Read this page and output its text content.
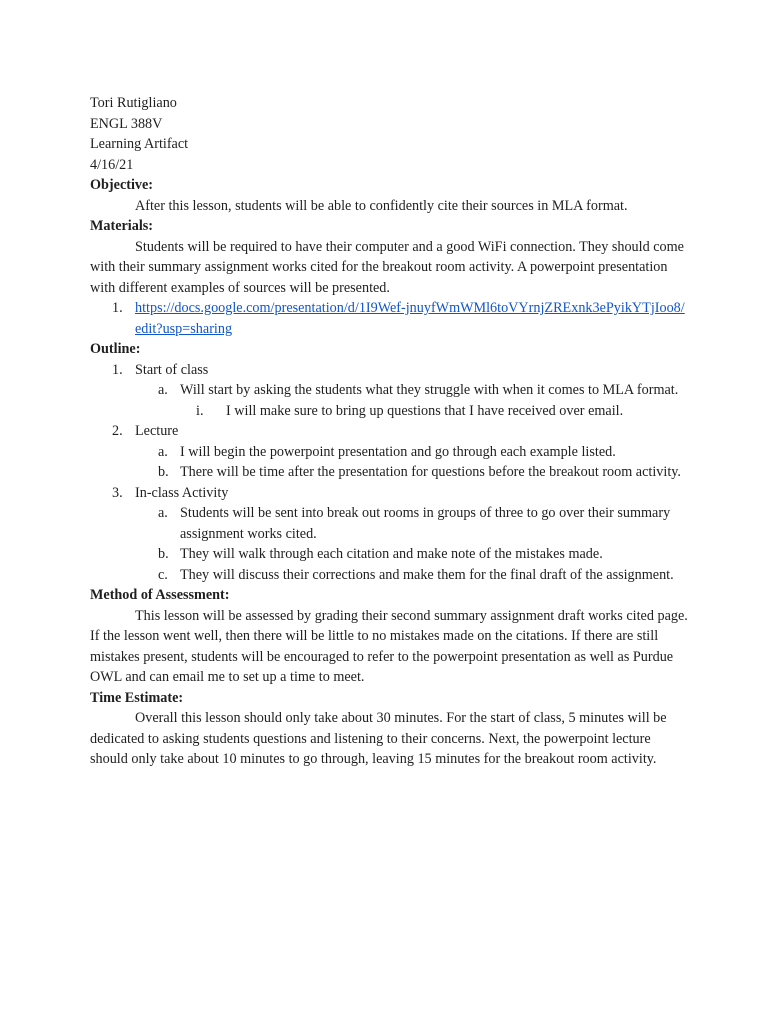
Tori Rutigliano
ENGL 388V
Learning Artifact
4/16/21
Objective:
After this lesson, students will be able to confidently cite their sources in MLA format.
Materials:
Students will be required to have their computer and a good WiFi connection. They should come with their summary assignment works cited for the breakout room activity. A powerpoint presentation with different examples of sources will be presented.
1. https://docs.google.com/presentation/d/1I9Wef-jnuyfWmWMl6toVYrnjZRExnk3ePyikYTjIoo8/edit?usp=sharing
Outline:
1. Start of class
a. Will start by asking the students what they struggle with when it comes to MLA format.
i. I will make sure to bring up questions that I have received over email.
2. Lecture
a. I will begin the powerpoint presentation and go through each example listed.
b. There will be time after the presentation for questions before the breakout room activity.
3. In-class Activity
a. Students will be sent into break out rooms in groups of three to go over their summary assignment works cited.
b. They will walk through each citation and make note of the mistakes made.
c. They will discuss their corrections and make them for the final draft of the assignment.
Method of Assessment:
This lesson will be assessed by grading their second summary assignment draft works cited page. If the lesson went well, then there will be little to no mistakes made on the citations. If there are still mistakes present, students will be encouraged to refer to the powerpoint presentation as well as Purdue OWL and can email me to set up a time to meet.
Time Estimate:
Overall this lesson should only take about 30 minutes. For the start of class, 5 minutes will be dedicated to asking students questions and listening to their concerns. Next, the powerpoint lecture should only take about 10 minutes to go through, leaving 15 minutes for the breakout room activity.
